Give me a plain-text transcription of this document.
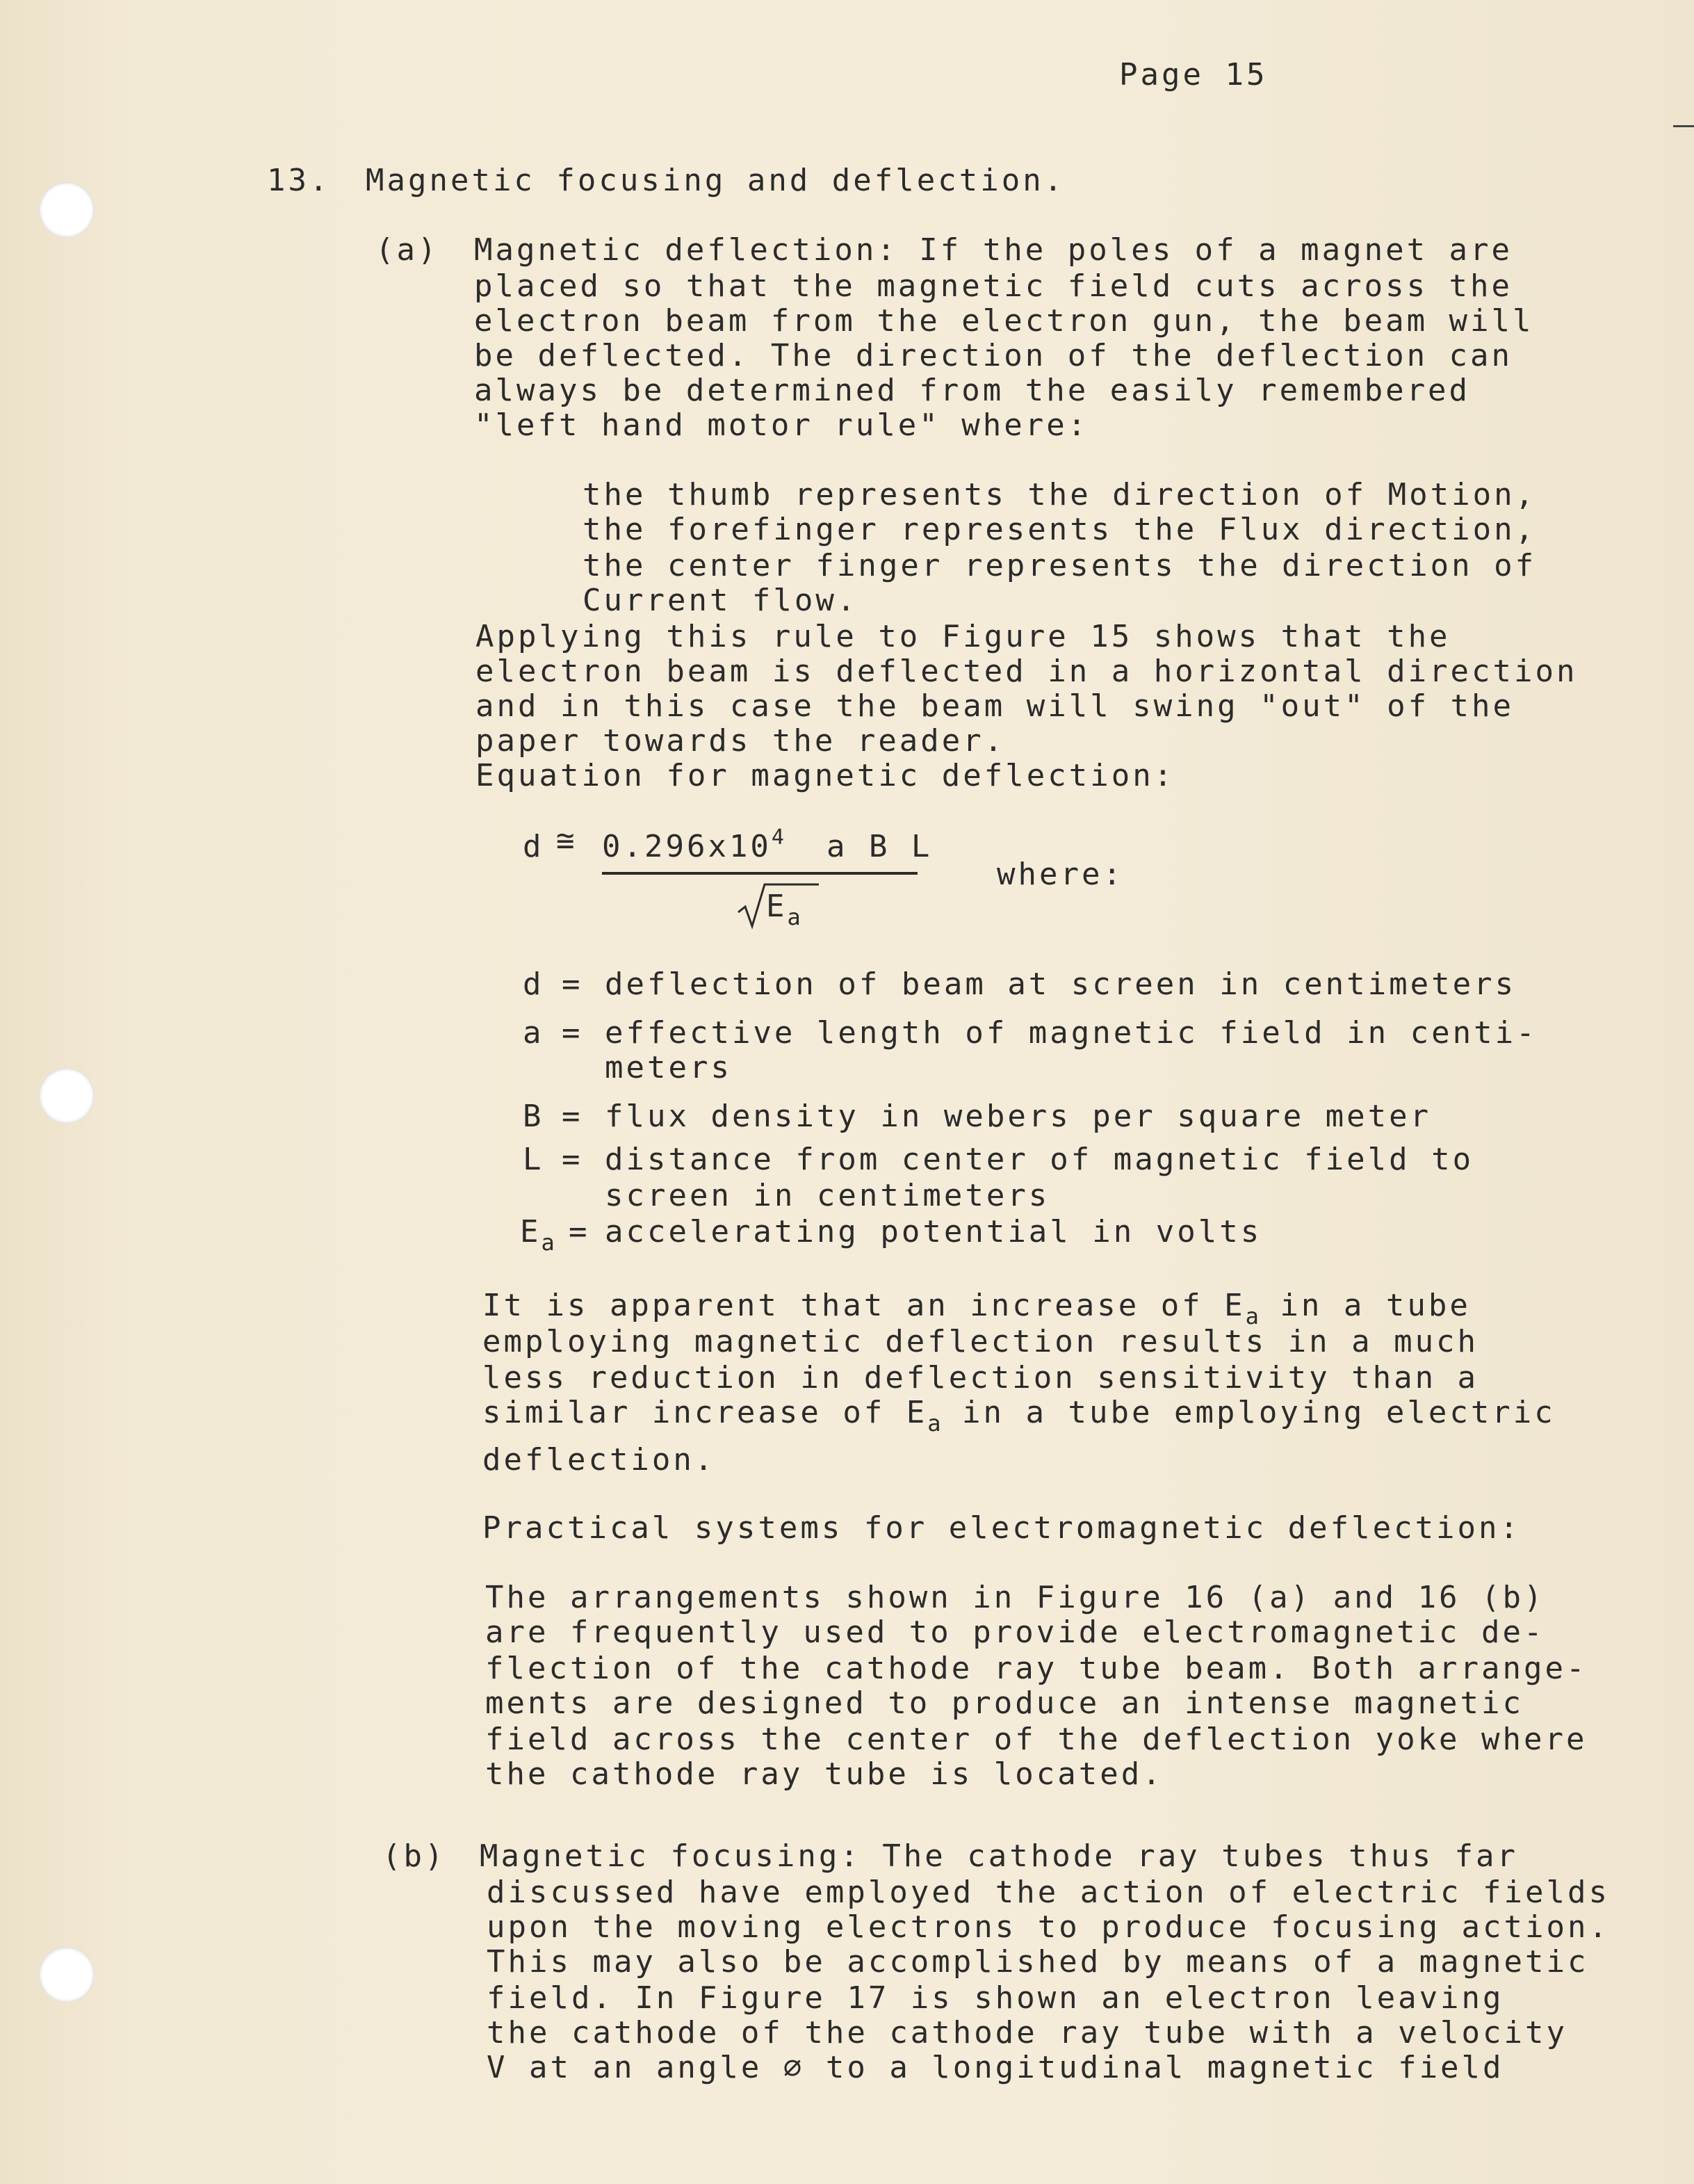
Page 15
13. Magnetic focusing and deflection.
(a) Magnetic deflection: If the poles of a magnet are
placed so that the magnetic field cuts across the
electron beam from the electron gun, the beam will
be deflected. The direction of the deflection can
always be determined from the easily remembered
"left hand motor rule" where:
the thumb represents the direction of Motion,
the forefinger represents the Flux direction,
the center finger represents the direction of
Current flow.
Applying this rule to Figure 15 shows that the
electron beam is deflected in a horizontal direction
and in this case the beam will swing "out" of the
paper towards the reader.
Equation for magnetic deflection:
d ≅ $0.296x10^4$ a B L
$E_a$
where:
d = deflection of beam at screen in centimeters
a = effective length of magnetic field in centi-
meters
B = flux density in webers per square meter
L = distance from center of magnetic field to
screen in centimeters
$E_a$ = accelerating potential in volts
It is apparent that an increase of $E_a$ in a tube
employing magnetic deflection results in a much
less reduction in deflection sensitivity than a
similar increase of $E_a$ in a tube employing electric
deflection.
Practical systems for electromagnetic deflection:
The arrangements shown in Figure 16 (a) and 16 (b)
are frequently used to provide electromagnetic de-
flection of the cathode ray tube beam. Both arrange-
ments are designed to produce an intense magnetic
field across the center of the deflection yoke where
the cathode ray tube is located.
(b) Magnetic focusing: The cathode ray tubes thus far
discussed have employed the action of electric fields
upon the moving electrons to produce focusing action.
This may also be accomplished by means of a magnetic
field. In Figure 17 is shown an electron leaving
the cathode of the cathode ray tube with a velocity
V at an angle ∅ to a longitudinal magnetic field
